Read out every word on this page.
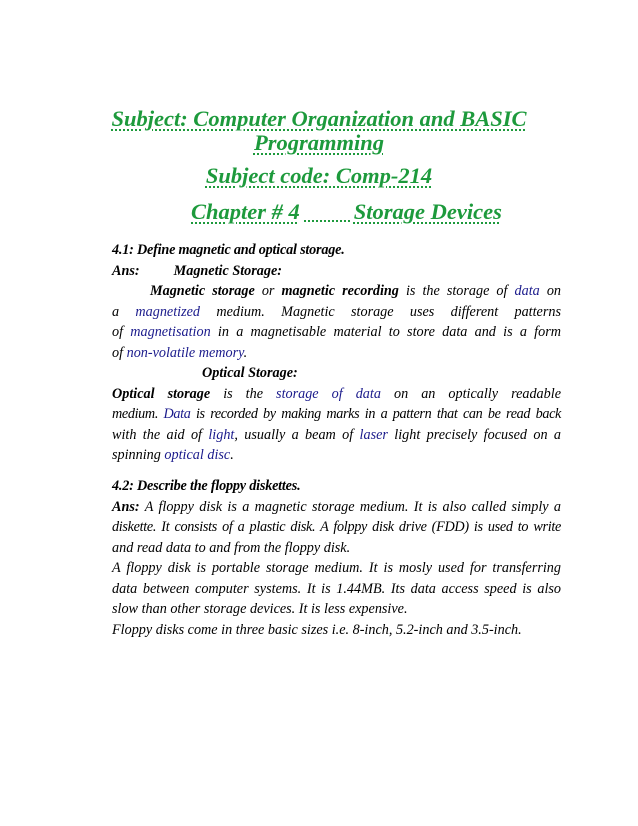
Subject: Computer Organization and BASIC
Programming
Subject code: Comp-214
Chapter # 4 Storage Devices

4.1: Define magnetic and optical storage.

Ans: Magnetic Storage:

Magnetic storage or magnetic recording is the storage of data on

a magnetized medium. Magnetic storage uses different patterns

of magnetisation in a magnetisable material to store data and is a form

of non-volatile memory.

Optical Storage:

Optical storage is the storage of data on an optically readable

medium. Data is recorded by making marks in a pattern that can be read back

with the aid of light, usually a beam of laser light precisely focused on a

spinning optical disc.

4.2: Describe the floppy diskettes.

Ans: A floppy disk is a magnetic storage medium. It is also called simply a

diskette. It consists of a plastic disk. A folppy disk drive (FDD) is used to write

and read data to and from the floppy disk.

A floppy disk is portable storage medium. It is mosly used for transferring

data between computer systems. It is 1.44MB. Its data access speed is also

slow than other storage devices. It is less expensive.

Floppy disks come in three basic sizes i.e. 8-inch, 5.2-inch and 3.5-inch.
